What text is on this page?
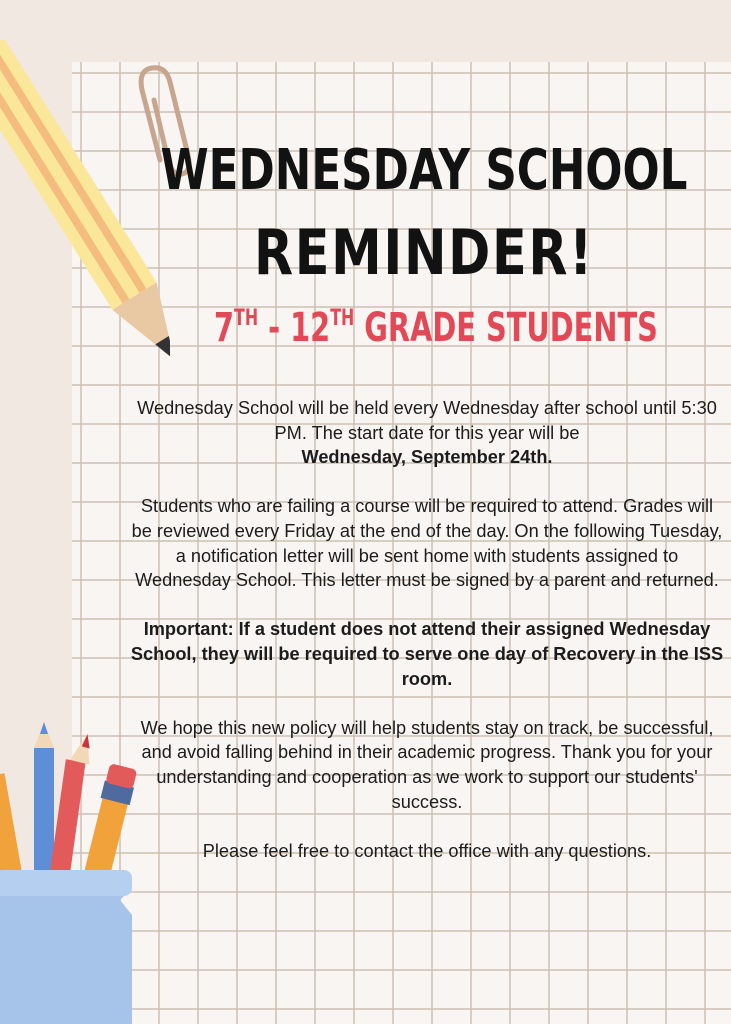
WEDNESDAY SCHOOL
REMINDER!
7TH - 12TH GRADE STUDENTS

Wednesday School will be held every Wednesday after school until 5:30 PM. The start date for this year will be
Wednesday, September 24th.

Students who are failing a course will be required to attend. Grades will be reviewed every Friday at the end of the day. On the following Tuesday, a notification letter will be sent home with students assigned to Wednesday School. This letter must be signed by a parent and returned.

Important: If a student does not attend their assigned Wednesday School, they will be required to serve one day of Recovery in the ISS room.

We hope this new policy will help students stay on track, be successful, and avoid falling behind in their academic progress. Thank you for your understanding and cooperation as we work to support our students' success.

Please feel free to contact the office with any questions.
